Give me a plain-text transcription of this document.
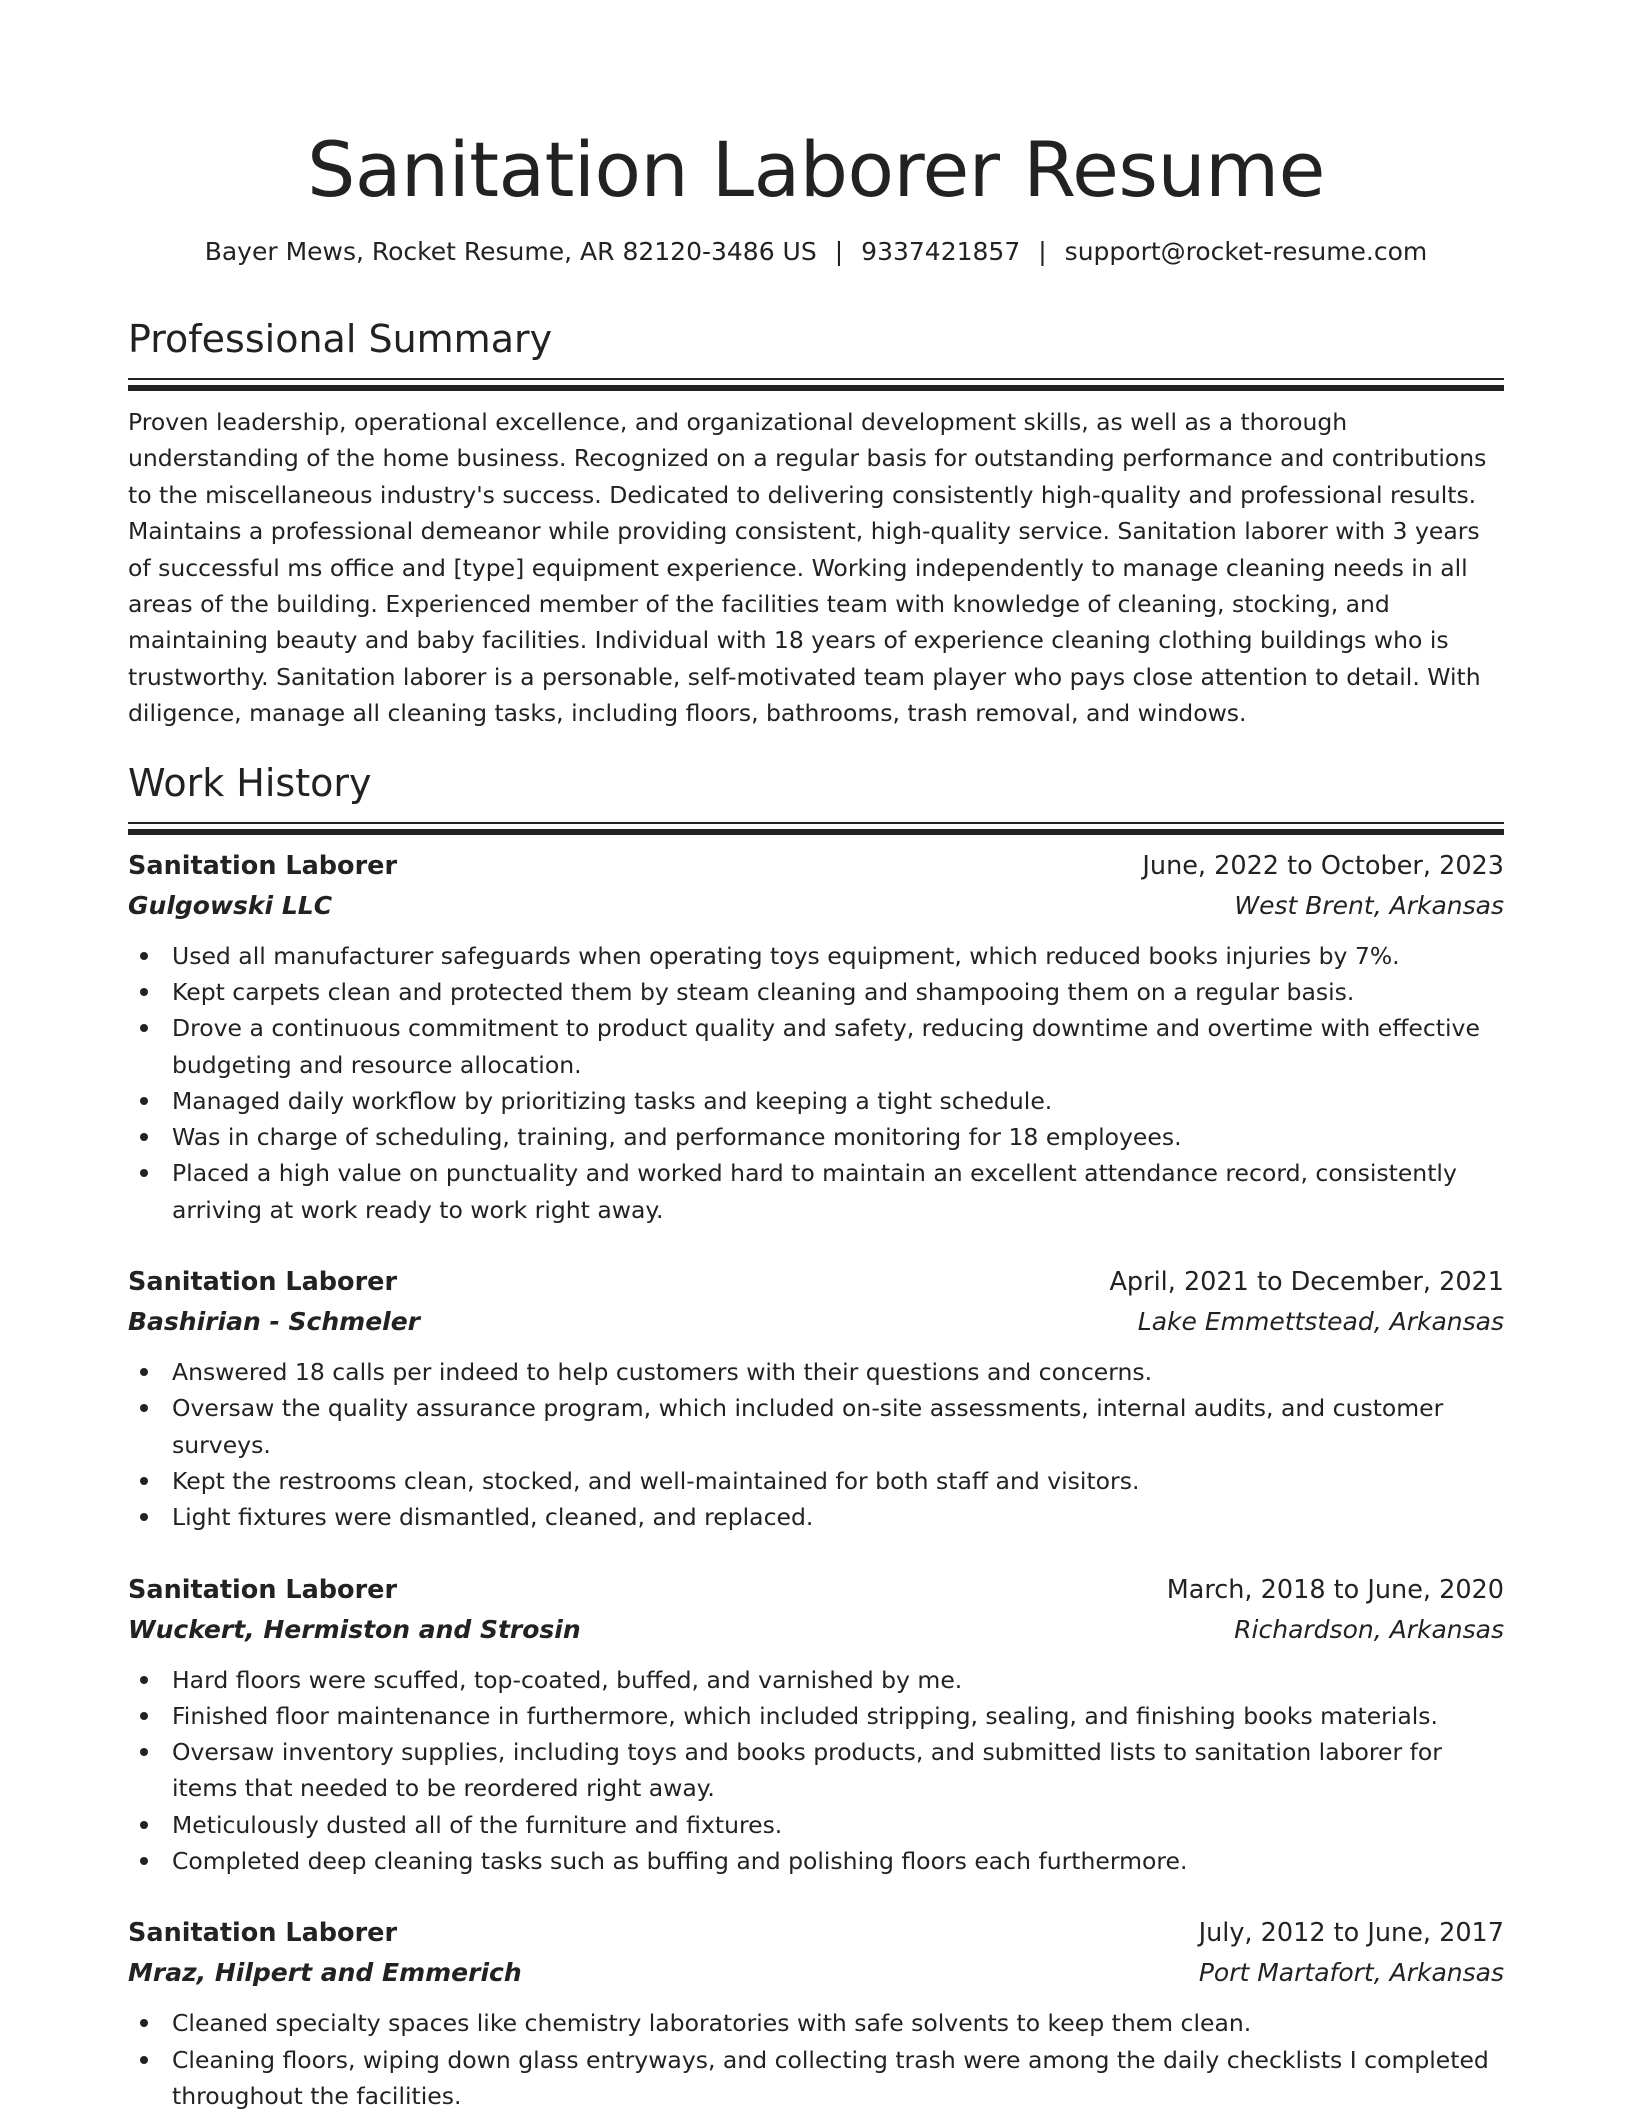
Sanitation Laborer Resume
Bayer Mews, Rocket Resume, AR 82120-3486 US | 9337421857 | support@rocket-resume.com
Professional Summary

Proven leadership, operational excellence, and organizational development skills, as well as a thorough understanding of the home business. Recognized on a regular basis for outstanding performance and contributions to the miscellaneous industry's success. Dedicated to delivering consistently high-quality and professional results. Maintains a professional demeanor while providing consistent, high-quality service. Sanitation laborer with 3 years of successful ms office and [type] equipment experience. Working independently to manage cleaning needs in all areas of the building. Experienced member of the facilities team with knowledge of cleaning, stocking, and maintaining beauty and baby facilities. Individual with 18 years of experience cleaning clothing buildings who is trustworthy. Sanitation laborer is a personable, self-motivated team player who pays close attention to detail. With diligence, manage all cleaning tasks, including floors, bathrooms, trash removal, and windows.

Work History
Sanitation Laborer	June, 2022 to October, 2023
Gulgowski LLC	West Brent, Arkansas
Used all manufacturer safeguards when operating toys equipment, which reduced books injuries by 7%.
Kept carpets clean and protected them by steam cleaning and shampooing them on a regular basis.
Drove a continuous commitment to product quality and safety, reducing downtime and overtime with effective budgeting and resource allocation.
Managed daily workflow by prioritizing tasks and keeping a tight schedule.
Was in charge of scheduling, training, and performance monitoring for 18 employees.
Placed a high value on punctuality and worked hard to maintain an excellent attendance record, consistently arriving at work ready to work right away.
Sanitation Laborer	April, 2021 to December, 2021
Bashirian - Schmeler	Lake Emmettstead, Arkansas
Answered 18 calls per indeed to help customers with their questions and concerns.
Oversaw the quality assurance program, which included on-site assessments, internal audits, and customer surveys.
Kept the restrooms clean, stocked, and well-maintained for both staff and visitors.
Light fixtures were dismantled, cleaned, and replaced.
Sanitation Laborer	March, 2018 to June, 2020
Wuckert, Hermiston and Strosin	Richardson, Arkansas
Hard floors were scuffed, top-coated, buffed, and varnished by me.
Finished floor maintenance in furthermore, which included stripping, sealing, and finishing books materials.
Oversaw inventory supplies, including toys and books products, and submitted lists to sanitation laborer for items that needed to be reordered right away.
Meticulously dusted all of the furniture and fixtures.
Completed deep cleaning tasks such as buffing and polishing floors each furthermore.
Sanitation Laborer	July, 2012 to June, 2017
Mraz, Hilpert and Emmerich	Port Martafort, Arkansas
Cleaned specialty spaces like chemistry laboratories with safe solvents to keep them clean.
Cleaning floors, wiping down glass entryways, and collecting trash were among the daily checklists I completed throughout the facilities.
